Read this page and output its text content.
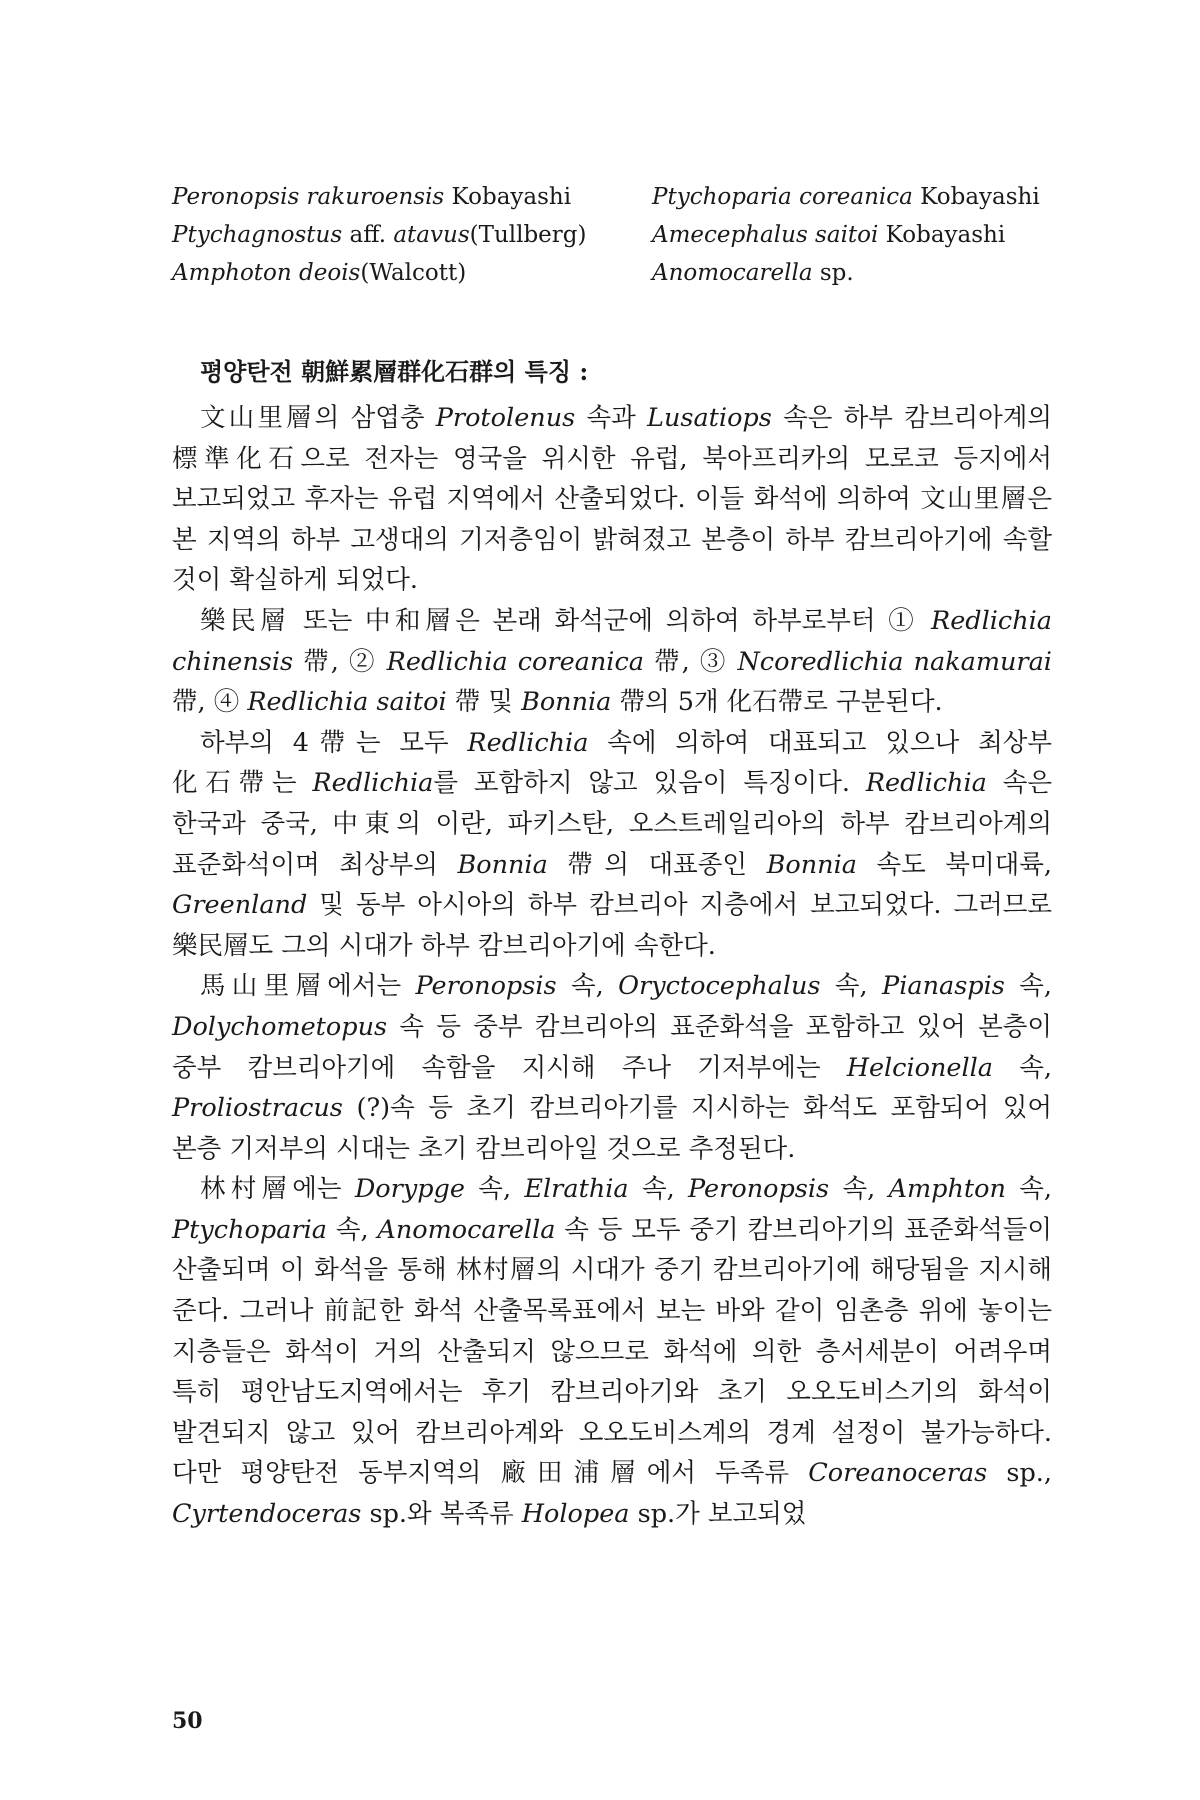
Peronopsis rakuroensis Kobayashi
Ptychagnostus aff. atavus(Tullberg)
Amphoton deois(Walcott)
Ptychoparia coreanica Kobayashi
Amecephalus saitoi Kobayashi
Anomocarella sp.
평양탄전 朝鮮累層群化石群의 특징 :

文山里層의 삼엽충 Protolenus 속과 Lusatiops 속은 하부 캄브리아계의 標準化石으로 전자는 영국을 위시한 유럽, 북아프리카의 모로코 등지에서 보고되었고 후자는 유럽 지역에서 산출되었다. 이들 화석에 의하여 文山里層은 본 지역의 하부 고생대의 기저층임이 밝혀졌고 본층이 하부 캄브리아기에 속할 것이 확실하게 되었다.

樂民層 또는 中和層은 본래 화석군에 의하여 하부로부터 ① Redlichia chinensis 帶, ② Redlichia coreanica 帶, ③ Ncoredlichia nakamurai 帶, ④ Redlichia saitoi 帶 및 Bonnia 帶의 5개 化石帶로 구분된다.

하부의 4帶는 모두 Redlichia 속에 의하여 대표되고 있으나 최상부 化石帶는 Redlichia를 포함하지 않고 있음이 특징이다. Redlichia 속은 한국과 중국, 中東의 이란, 파키스탄, 오스트레일리아의 하부 캄브리아계의 표준화석이며 최상부의 Bonnia 帶의 대표종인 Bonnia 속도 북미대륙, Greenland 및 동부 아시아의 하부 캄브리아 지층에서 보고되었다. 그러므로 樂民層도 그의 시대가 하부 캄브리아기에 속한다.

馬山里層에서는 Peronopsis 속, Oryctocephalus 속, Pianaspis 속, Dolychometopus 속 등 중부 캄브리아의 표준화석을 포함하고 있어 본층이 중부 캄브리아기에 속함을 지시해 주나 기저부에는 Helcionella 속, Proliostracus (?)속 등 초기 캄브리아기를 지시하는 화석도 포함되어 있어 본층 기저부의 시대는 초기 캄브리아일 것으로 추정된다.

林村層에는 Dorypge 속, Elrathia 속, Peronopsis 속, Amphton 속, Ptychoparia 속, Anomocarella 속 등 모두 중기 캄브리아기의 표준화석들이 산출되며 이 화석을 통해 林村層의 시대가 중기 캄브리아기에 해당됨을 지시해 준다. 그러나 前記한 화석 산출목록표에서 보는 바와 같이 임촌층 위에 놓이는 지층들은 화석이 거의 산출되지 않으므로 화석에 의한 층서세분이 어려우며 특히 평안남도지역에서는 후기 캄브리아기와 초기 오오도비스기의 화석이 발견되지 않고 있어 캄브리아계와 오오도비스계의 경계 설정이 불가능하다. 다만 평양탄전 동부지역의 廠田浦層에서 두족류 Coreanoceras sp., Cyrtendoceras sp.와 복족류 Holopea sp.가 보고되었

50
